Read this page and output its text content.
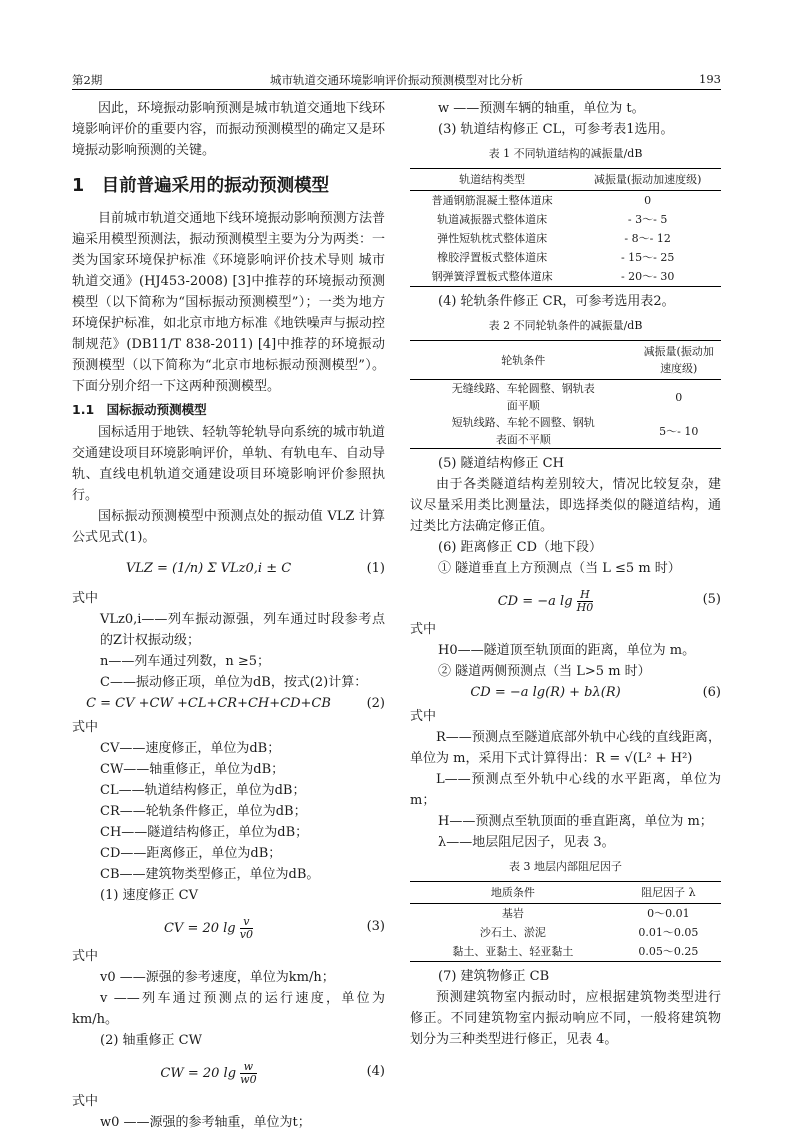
第2期	城市轨道交通环境影响评价振动预测模型对比分析	193

因此，环境振动影响预测是城市轨道交通地下线环境影响评价的重要内容，而振动预测模型的确定又是环境振动影响预测的关键。

1　目前普遍采用的振动预测模型

目前城市轨道交通地下线环境振动影响预测方法普遍采用模型预测法，振动预测模型主要为分为两类：一类为国家环境保护标准《环境影响评价技术导则 城市轨道交通》(HJ453-2008) [3]中推荐的环境振动预测模型（以下简称为“国标振动预测模型”）；一类为地方环境保护标准，如北京市地方标准《地铁噪声与振动控制规范》(DB11/T 838-2011) [4]中推荐的环境振动预测模型（以下简称为“北京市地标振动预测模型”）。下面分别介绍一下这两种预测模型。

1.1　国标振动预测模型

国标适用于地铁、轻轨等轮轨导向系统的城市轨道交通建设项目环境影响评价，单轨、有轨电车、自动导轨、直线电机轨道交通建设项目环境影响评价参照执行。

国标振动预测模型中预测点处的振动值 VLZ 计算公式见式(1)。

VLZ = (1/n) Σ VLz0,i ± C	(1)

式中

VLz0,i——列车振动源强，列车通过时段参考点的Z计权振动级；

n——列车通过列数，n ≥5；

C——振动修正项，单位为dB，按式(2)计算：

C = CV +CW +CL+CR+CH+CD+CB	(2)

式中

CV——速度修正，单位为dB；

CW——轴重修正，单位为dB；

CL——轨道结构修正，单位为dB；

CR——轮轨条件修正，单位为dB；

CH——隧道结构修正，单位为dB；

CD——距离修正，单位为dB；

CB——建筑物类型修正，单位为dB。

(1) 速度修正 CV

CV = 20 $\lg \frac{v}{v0}$	(3)

式中

v0 ——源强的参考速度，单位为km/h；

v ——列车通过预测点的运行速度，单位为km/h。

(2) 轴重修正 CW

CW = 20 $\lg \frac{w}{w0}$	(4)

式中

w0 ——源强的参考轴重，单位为t；

w ——预测车辆的轴重，单位为 t。

(3) 轨道结构修正 CL，可参考表1选用。

表 1 不同轨道结构的减振量/dB
轨道结构类型	减振量(振动加速度级)
普通钢筋混凝土整体道床	0
轨道减振器式整体道床	- 3～- 5
弹性短轨枕式整体道床	- 8～- 12
橡胶浮置板式整体道床	- 15～- 25
钢弹簧浮置板式整体道床	- 20～- 30

(4) 轮轨条件修正 CR，可参考选用表2。

表 2 不同轮轨条件的减振量/dB
轮轨条件	减振量(振动加速度级)
无缝线路、车轮圆整、钢轨表面平顺	0
短轨线路、车轮不圆整、钢轨表面不平顺	5～- 10

(5) 隧道结构修正 CH

由于各类隧道结构差别较大，情况比较复杂，建议尽量采用类比测量法，即选择类似的隧道结构，通过类比方法确定修正值。

(6) 距离修正 CD（地下段）

① 隧道垂直上方预测点（当 L ≤5 m 时）

CD = −a $\lg \frac{H}{H0}$	(5)

式中

H0——隧道顶至轨顶面的距离，单位为 m。

② 隧道两侧预测点（当 L>5 m 时）

CD = −a lg(R) + bλ(R)	(6)

式中

R——预测点至隧道底部外轨中心线的直线距离，单位为 m，采用下式计算得出：R = √(L² + H²)

L——预测点至外轨中心线的水平距离，单位为 m；

H——预测点至轨顶面的垂直距离，单位为 m；

λ——地层阻尼因子，见表 3。

表 3 地层内部阻尼因子
地质条件	阻尼因子 λ
基岩	0～0.01
沙石土、淤泥	0.01～0.05
黏土、亚黏土、轻亚黏土	0.05～0.25

(7) 建筑物修正 CB

预测建筑物室内振动时，应根据建筑物类型进行修正。不同建筑物室内振动响应不同，一般将建筑物划分为三种类型进行修正，见表 4。
